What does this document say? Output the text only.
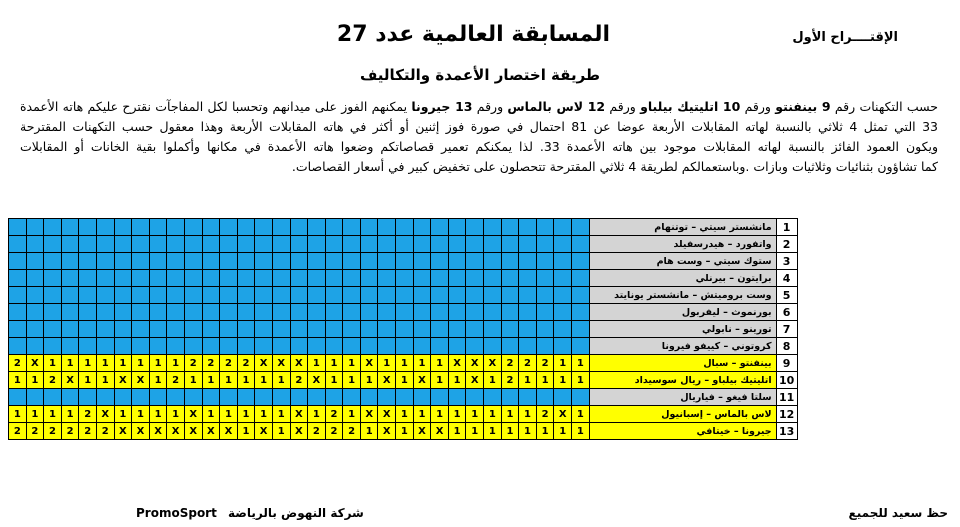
المسابقة العالمية عدد 27	الإقتــــراح الأول
طريقة اختصار الأعمدة والتكاليف
حسب التكهنات رقم 9 بينفنتو ورقم 10 اتليتيك بيلباو ورقم 12 لاس بالماس ورقم 13 جيرونا يمكنهم الفوز على ميدانهم وتحسبا لكل المفاجآت نقترح عليكم هاته الأعمدة
33 التي تمثل 4 ثلاثي بالنسبة لهاته المقابلات الأربعة عوضا عن 81 احتمال في صورة فوز إثنين أو أكثر في هاته المقابلات الأربعة وهذا معقول حسب التكهنات المقترحة
ويكون العمود الفائز بالنسبة لهاته المقابلات موجود بين هاته الأعمدة 33. لذا يمكنكم تعمير قصاصاتكم وضعوا هاته الأعمدة في مكانها وأكملوا بقية الخانات أو المقابلات
كما تشاؤون بثنائيات وثلاثيات وبازات .وباستعمالكم لطريقة 4 ثلاثي المقترحة تتحصلون على تخفيض كبير في أسعار القصاصات.
																																	مانشستر سيتي – توتنهام	1
																																	واتفورد – هيدرسفيلد	2
																																	ستوك سيتي – وست هام	3
																																	برايتون – بيرنلي	4
																																	وست بروميتش – مانشستر يونايتد	5
																																	بورنموث – ليفربول	6
																																	تورينو – نابولي	7
																																	كروتوني – كييفو فيرونا	8
2	X	1	1	1	1	1	1	1	1	2	2	2	2	X	X	X	1	1	1	X	1	1	1	1	X	X	X	2	2	2	1	1	بينفنتو – سبال	9
1	1	2	X	1	1	X	X	1	2	1	1	1	1	1	1	2	X	1	1	1	X	1	X	1	1	X	1	2	1	1	1	1	اتليتيك بيلباو – ريال سوسيداد	10
																																	سلتا فيغو – فياريال	11
1	1	1	1	2	X	1	1	1	1	X	1	1	1	1	1	X	1	2	1	X	X	1	1	1	1	1	1	1	1	2	X	1	لاس بالماس – إسبانيول	12
2	2	2	2	2	2	X	X	X	X	X	X	X	1	X	1	X	2	2	2	1	X	1	X	X	1	1	1	1	1	1	1	1	جيرونا – خيتافي	13
حظ سعيد للجميع
شركة النهوض بالرياضة
PromoSport
